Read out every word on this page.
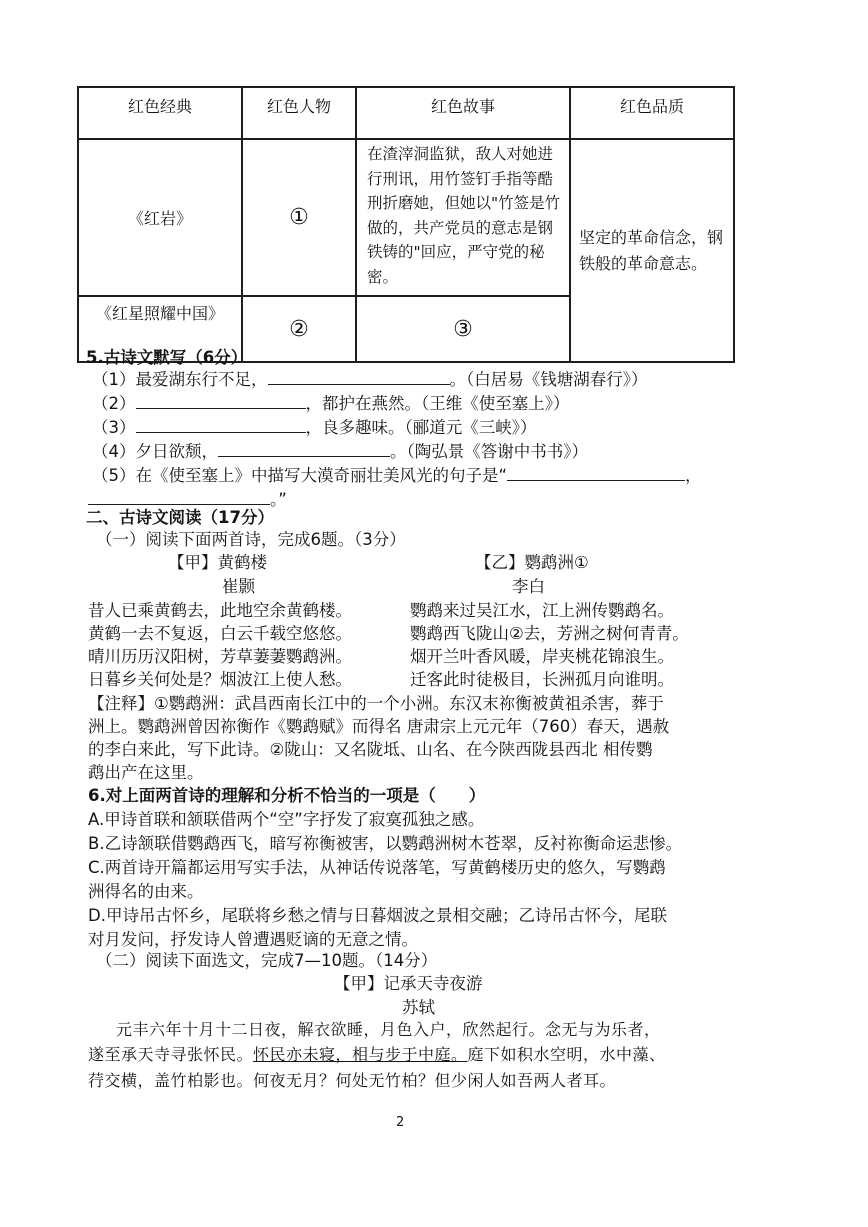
红色经典	红色人物	红色故事	红色品质
《红岩》	①	在渣滓洞监狱，敌人对她进行刑讯，用竹签钉手指等酷刑折磨她，但她以"竹签是竹做的，共产党员的意志是钢铁铸的"回应，严守党的秘密。	坚定的革命信念，钢铁般的革命意志。
《红星照耀中国》	②	③	
5.古诗文默写（6分）
（1）最爱湖东行不足，	。（白居易《钱塘湖春行》）
（2）	，都护在燕然。（王维《使至塞上》）
（3）	，良多趣味。（郦道元《三峡》）
（4）夕日欲颓，	。（陶弘景《答谢中书书》）
（5）在《使至塞上》中描写大漠奇丽壮美风光的句子是“	，
。”
二、古诗文阅读（17分）
（一）阅读下面两首诗，完成6题。（3分）
【甲】黄鹤楼
崔颢
【乙】鹦鹉洲①
李白
昔人已乘黄鹤去，此地空余黄鹤楼。
黄鹤一去不复返，白云千载空悠悠。
晴川历历汉阳树，芳草萋萋鹦鹉洲。
日暮乡关何处是？烟波江上使人愁。
鹦鹉来过吴江水，江上洲传鹦鹉名。
鹦鹉西飞陇山②去，芳洲之树何青青。
烟开兰叶香风暖，岸夹桃花锦浪生。
迁客此时徒极目，长洲孤月向谁明。
【注释】①鹦鹉洲：武昌西南长江中的一个小洲。东汉末祢衡被黄祖杀害，葬于
洲上。鹦鹉洲曾因祢衡作《鹦鹉赋》而得名 唐肃宗上元元年（760）春天，遇赦
的李白来此，写下此诗。②陇山：又名陇坻、山名、在今陕西陇县西北 相传鹦
鹉出产在这里。
6.对上面两首诗的理解和分析不恰当的一项是（　　）
A.甲诗首联和颔联借两个“空”字抒发了寂寞孤独之感。
B.乙诗颔联借鹦鹉西飞，暗写祢衡被害，以鹦鹉洲树木苍翠，反衬祢衡命运悲惨。
C.两首诗开篇都运用写实手法，从神话传说落笔，写黄鹤楼历史的悠久，写鹦鹉
洲得名的由来。
D.甲诗吊古怀乡，尾联将乡愁之情与日暮烟波之景相交融；乙诗吊古怀今，尾联
对月发问，抒发诗人曾遭遇贬谪的无意之情。
（二）阅读下面选文，完成7—10题。（14分）
【甲】记承天寺夜游
苏轼
元丰六年十月十二日夜，解衣欲睡，月色入户，欣然起行。念无与为乐者，
遂至承天寺寻张怀民。怀民亦未寝，相与步于中庭。庭下如积水空明，水中藻、
荇交横，盖竹柏影也。何夜无月？何处无竹柏？但少闲人如吾两人者耳。
2
